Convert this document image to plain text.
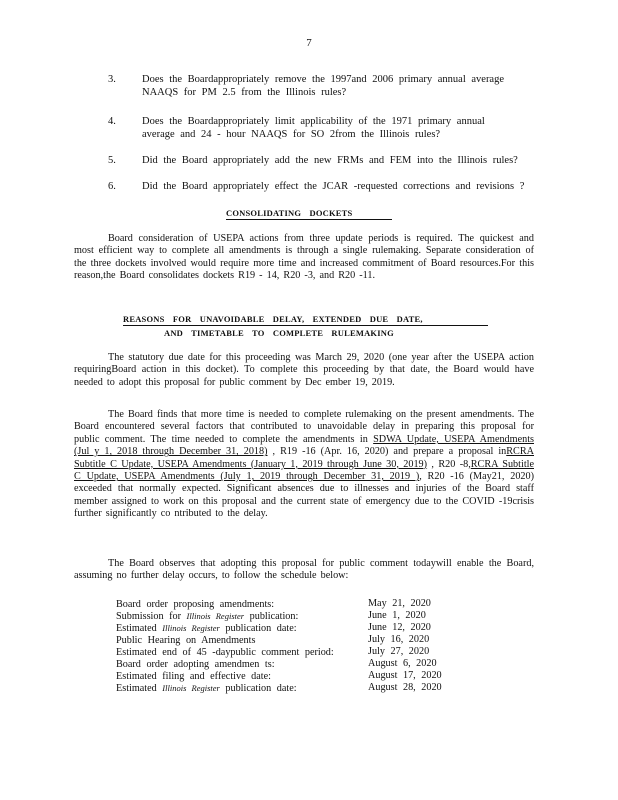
7
3. Does the Boardappropriately remove the 1997and 2006 primary annual average
NAAQS for PM 2.5 from the Illinois rules?
4. Does the Boardappropriately limit applicability of the 1971 primary annual
average and 24 - hour NAAQS for SO 2from the Illinois rules?
5. Did the Board appropriately add the new FRMs and FEM into the Illinois rules?
6. Did the Board appropriately effect the JCAR -requested corrections and revisions ?
CONSOLIDATING DOCKETS
Board consideration of USEPA actions from three update periods is required. The quickest and most efficient way to complete all amendments is through a single rulemaking. Separate consideration of the three dockets involved would require more time and increased commitment of Board resources.For this reason,the Board consolidates dockets R19 - 14, R20 -3, and R20 -11.
REASONS FOR UNAVOIDABLE DELAY, EXTENDED DUE DATE,
AND TIMETABLE TO COMPLETE RULEMAKING
The statutory due date for this proceeding was March 29, 2020 (one year after the USEPA action requiringBoard action in this docket). To complete this proceeding by that date, the Board would have needed to adopt this proposal for public comment by Dec ember 19, 2019.
The Board finds that more time is needed to complete rulemaking on the present amendments. The Board encountered several factors that contributed to unavoidable delay in preparing this proposal for public comment. The time needed to complete the amendments in SDWA Update, USEPA Amendments (Jul y 1, 2018 through December 31, 2018) , R19 -16 (Apr. 16, 2020) and prepare a proposal inRCRA Subtitle C Update, USEPA Amendments (January 1, 2019 through June 30, 2019) , R20 -8,RCRA Subtitle C Update, USEPA Amendments (July 1, 2019 through December 31, 2019 ), R20 -16 (May21, 2020) exceeded that normally expected. Significant absences due to illnesses and injuries of the Board staff member assigned to work on this proposal and the current state of emergency due to the COVID -19crisis further significantly co ntributed to the delay.
The Board observes that adopting this proposal for public comment todaywill enable the Board, assuming no further delay occurs, to follow the schedule below:
Board order proposing amendments:	May 21, 2020
Submission for Illinois Register publication:	June 1, 2020
Estimated Illinois Register publication date:	June 12, 2020
Public Hearing on Amendments	July 16, 2020
Estimated end of 45 -daypublic comment period:	July 27, 2020
Board order adopting amendmen ts:	August 6, 2020
Estimated filing and effective date:	August 17, 2020
Estimated Illinois Register publication date:	August 28, 2020
